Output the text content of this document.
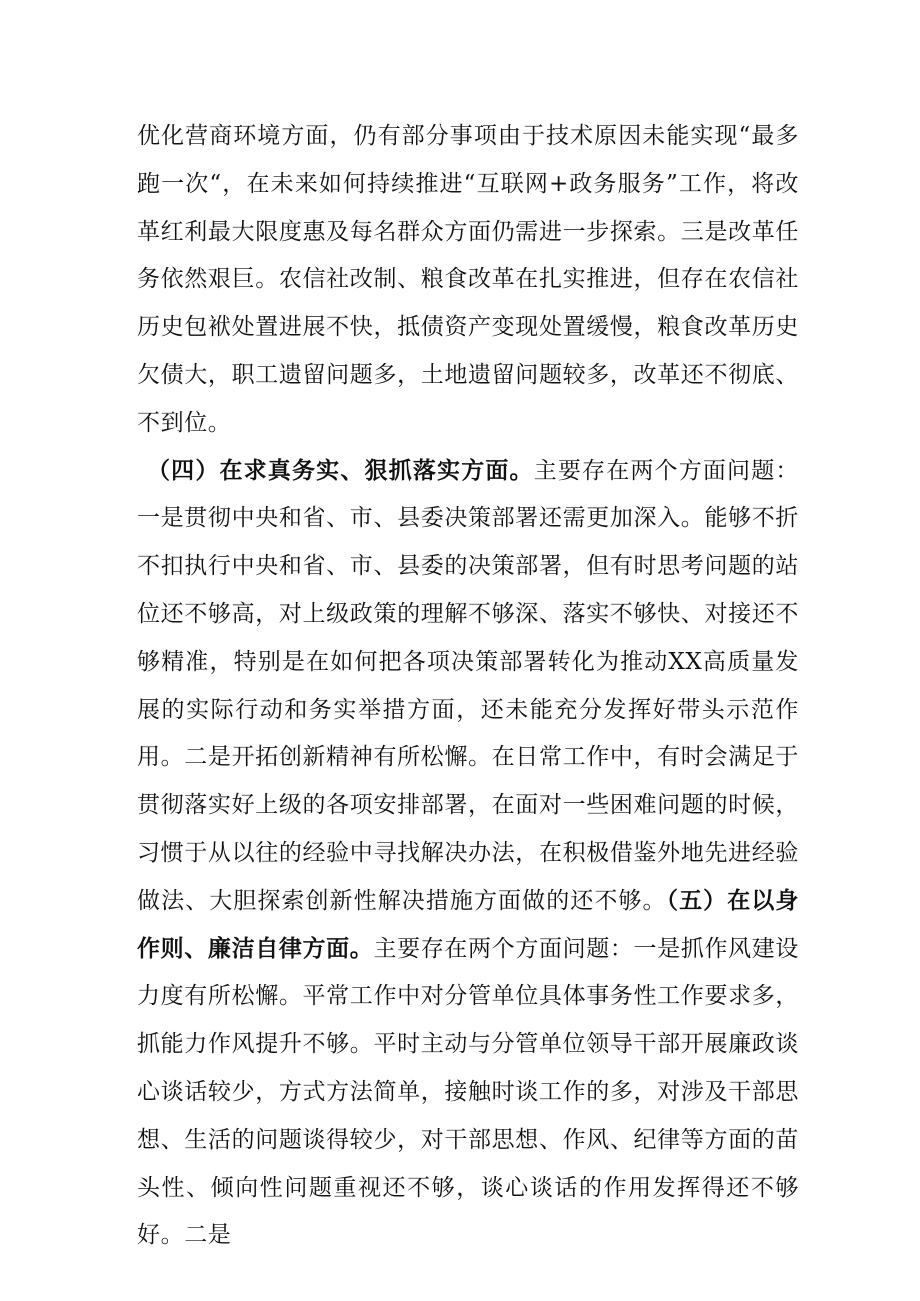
优化营商环境方面，仍有部分事项由于技术原因未能实现“最多跑一次“，在未来如何持续推进“互联网+政务服务”工作，将改革红利最大限度惠及每名群众方面仍需进一步探索。三是改革任务依然艰巨。农信社改制、粮食改革在扎实推进，但存在农信社历史包袱处置进展不快，抵债资产变现处置缓慢，粮食改革历史欠债大，职工遗留问题多，土地遗留问题较多，改革还不彻底、不到位。

（四）在求真务实、狠抓落实方面。主要存在两个方面问题：一是贯彻中央和省、市、县委决策部署还需更加深入。能够不折不扣执行中央和省、市、县委的决策部署，但有时思考问题的站位还不够高，对上级政策的理解不够深、落实不够快、对接还不够精准，特别是在如何把各项决策部署转化为推动XX高质量发展的实际行动和务实举措方面，还未能充分发挥好带头示范作用。二是开拓创新精神有所松懈。在日常工作中，有时会满足于贯彻落实好上级的各项安排部署，在面对一些困难问题的时候，习惯于从以往的经验中寻找解决办法，在积极借鉴外地先进经验做法、大胆探索创新性解决措施方面做的还不够。（五）在以身作则、廉洁自律方面。主要存在两个方面问题：一是抓作风建设力度有所松懈。平常工作中对分管单位具体事务性工作要求多，抓能力作风提升不够。平时主动与分管单位领导干部开展廉政谈心谈话较少，方式方法简单，接触时谈工作的多，对涉及干部思想、生活的问题谈得较少，对干部思想、作风、纪律等方面的苗头性、倾向性问题重视还不够，谈心谈话的作用发挥得还不够好。二是
